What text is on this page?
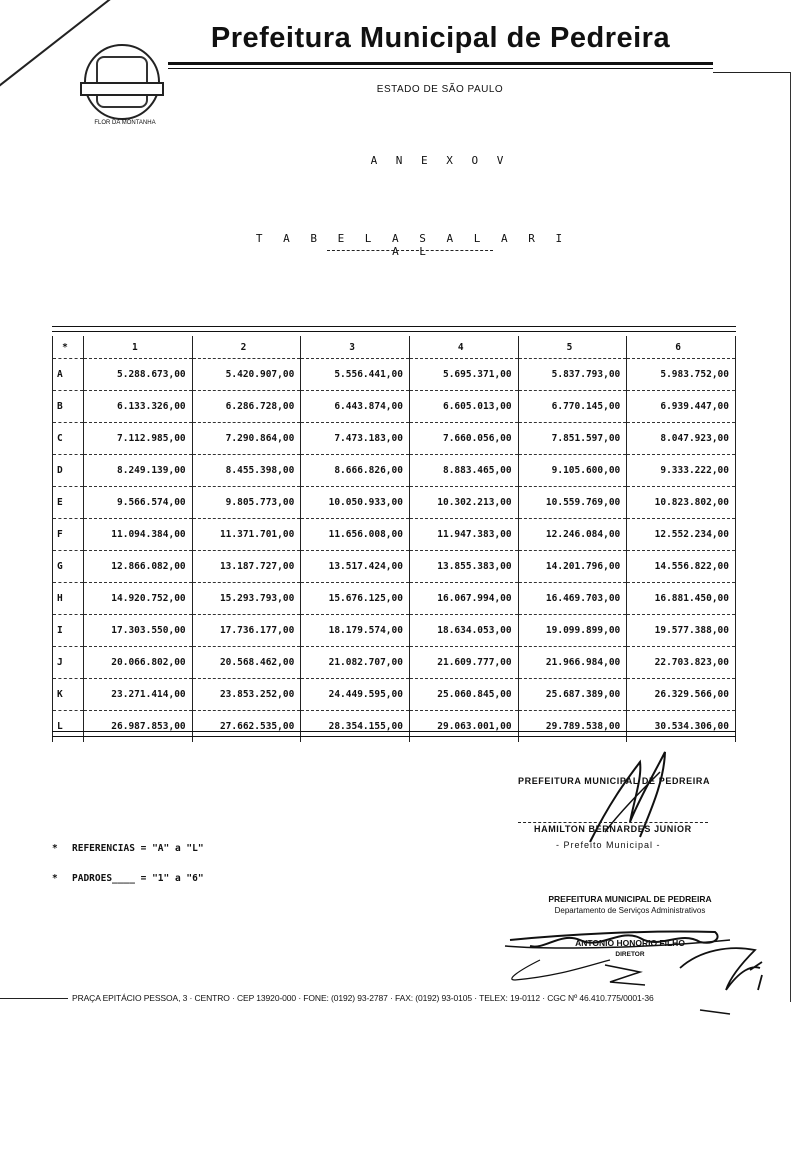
FLOR DA MONTANHA
Prefeitura Municipal de Pedreira
ESTADO DE SÃO PAULO
A N E X O V
T A B E L A S A L A R I A L
*	1	2	3	4	5	6
A	5.288.673,00	5.420.907,00	5.556.441,00	5.695.371,00	5.837.793,00	5.983.752,00
B	6.133.326,00	6.286.728,00	6.443.874,00	6.605.013,00	6.770.145,00	6.939.447,00
C	7.112.985,00	7.290.864,00	7.473.183,00	7.660.056,00	7.851.597,00	8.047.923,00
D	8.249.139,00	8.455.398,00	8.666.826,00	8.883.465,00	9.105.600,00	9.333.222,00
E	9.566.574,00	9.805.773,00	10.050.933,00	10.302.213,00	10.559.769,00	10.823.802,00
F	11.094.384,00	11.371.701,00	11.656.008,00	11.947.383,00	12.246.084,00	12.552.234,00
G	12.866.082,00	13.187.727,00	13.517.424,00	13.855.383,00	14.201.796,00	14.556.822,00
H	14.920.752,00	15.293.793,00	15.676.125,00	16.067.994,00	16.469.703,00	16.881.450,00
I	17.303.550,00	17.736.177,00	18.179.574,00	18.634.053,00	19.099.899,00	19.577.388,00
J	20.066.802,00	20.568.462,00	21.082.707,00	21.609.777,00	21.966.984,00	22.703.823,00
K	23.271.414,00	23.853.252,00	24.449.595,00	25.060.845,00	25.687.389,00	26.329.566,00
L	26.987.853,00	27.662.535,00	28.354.155,00	29.063.001,00	29.789.538,00	30.534.306,00
* REFERENCIAS = "A" a "L"
* PADROES____ = "1" a "6"
PREFEITURA MUNICIPAL DE PEDREIRA
HAMILTON BERNARDES JUNIOR
- Prefeito Municipal -
PREFEITURA MUNICIPAL DE PEDREIRA
Departamento de Serviços Administrativos
ANTONIO HONORIO FILHO
DIRETOR
PRAÇA EPITÁCIO PESSOA, 3 · CENTRO · CEP 13920-000 · FONE: (0192) 93-2787 · FAX: (0192) 93-0105 · TELEX: 19-0112 · CGC Nº 46.410.775/0001-36
